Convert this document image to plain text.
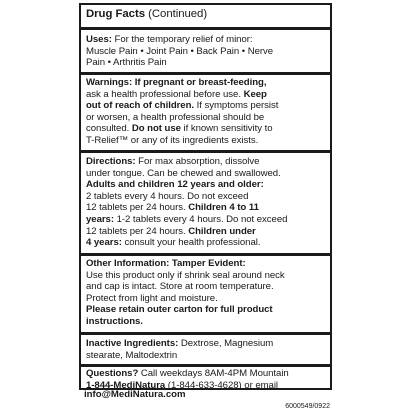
Drug Facts (Continued)
Uses: For the temporary relief of minor:
Muscle Pain • Joint Pain • Back Pain • Nerve
Pain • Arthritis Pain
Warnings: If pregnant or breast-feeding,
ask a health professional before use. Keep
out of reach of children. If symptoms persist
or worsen, a health professional should be
consulted. Do not use if known sensitivity to
T-Relief™ or any of its ingredients exists.
Directions: For max absorption, dissolve
under tongue. Can be chewed and swallowed.
Adults and children 12 years and older:
2 tablets every 4 hours. Do not exceed
12 tablets per 24 hours. Children 4 to 11
years: 1-2 tablets every 4 hours. Do not exceed
12 tablets per 24 hours. Children under
4 years: consult your health professional.
Other Information: Tamper Evident:
Use this product only if shrink seal around neck
and cap is intact. Store at room temperature.
Protect from light and moisture.
Please retain outer carton for full product
instructions.
Inactive Ingredients: Dextrose, Magnesium
stearate, Maltodextrin
Questions? Call weekdays 8AM-4PM Mountain
1-844-MediNatura (1-844-633-4628) or email
info@MediNatura.com
6000549/0922
